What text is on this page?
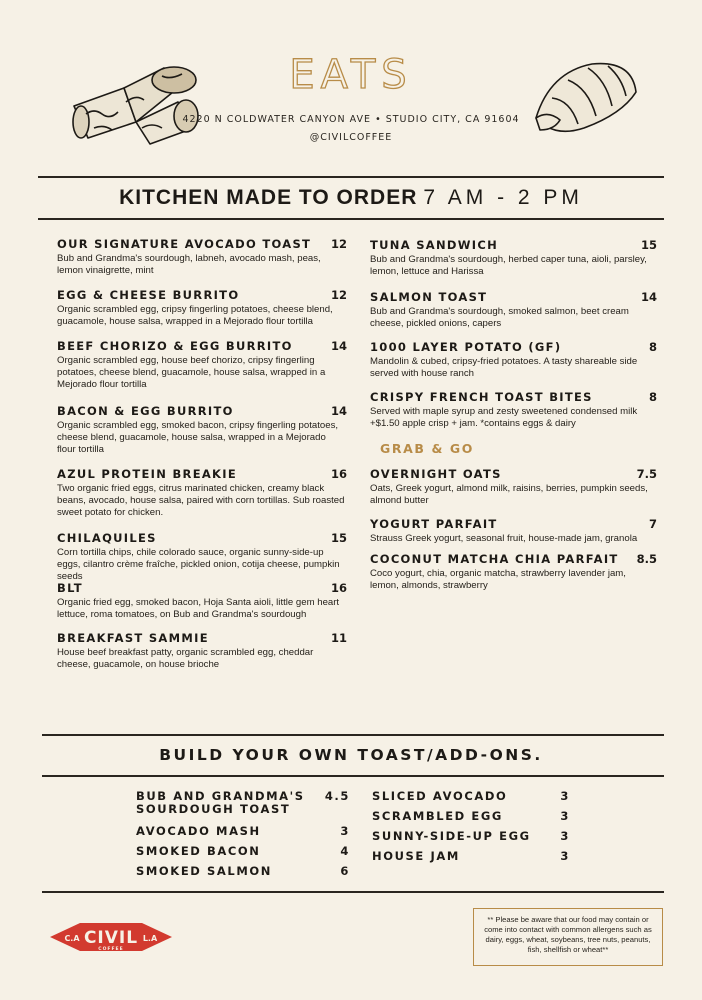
EATS
4220 N COLDWATER CANYON AVE • STUDIO CITY, CA 91604
@CIVILCOFFEE
KITCHEN MADE TO ORDER 7 AM - 2 PM
OUR SIGNATURE AVOCADO TOAST 12
Bub and Grandma's sourdough, labneh, avocado mash, peas, lemon vinaigrette, mint
EGG & CHEESE BURRITO	12
Organic scrambled egg, cripsy fingerling potatoes, cheese blend, guacamole, house salsa, wrapped in a Mejorado flour tortilla
BEEF CHORIZO & EGG BURRITO	14
Organic scrambled egg, house beef chorizo, cripsy fingerling potatoes, cheese blend, guacamole, house salsa, wrapped in a Mejorado flour tortilla
BACON & EGG BURRITO	14
Organic scrambled egg, smoked bacon, cripsy fingerling potatoes, cheese blend, guacamole, house salsa, wrapped in a Mejorado flour tortilla
AZUL PROTEIN BREAKIE	16
Two organic fried eggs, citrus marinated chicken, creamy black beans, avocado, house salsa, paired with corn tortillas. Sub roasted sweet potato for chicken.
CHILAQUILES	15
Corn tortilla chips, chile colorado sauce, organic sunny-side-up eggs, cilantro crème fraîche, pickled onion, cotija cheese, pumpkin seeds
BLT	16
Organic fried egg, smoked bacon, Hoja Santa aioli, little gem heart lettuce, roma tomatoes, on Bub and Grandma's sourdough
BREAKFAST SAMMIE	11
House beef breakfast patty, organic scrambled egg, cheddar cheese, guacamole, on house brioche
TUNA SANDWICH	15
Bub and Grandma's sourdough, herbed caper tuna, aioli, parsley, lemon, lettuce and Harissa
SALMON TOAST	14
Bub and Grandma's sourdough, smoked salmon, beet cream cheese, pickled onions, capers
1000 LAYER POTATO (GF)	8
Mandolin & cubed, cripsy-fried potatoes. A tasty shareable side served with house ranch
CRISPY FRENCH TOAST BITES	8
Served with maple syrup and zesty sweetened condensed milk +$1.50 apple crisp + jam. *contains eggs & dairy
GRAB & GO
OVERNIGHT OATS	7.5
Oats, Greek yogurt, almond milk, raisins, berries, pumpkin seeds, almond butter
YOGURT PARFAIT	7
Strauss Greek yogurt, seasonal fruit, house-made jam, granola
COCONUT MATCHA CHIA PARFAIT 8.5
Coco yogurt, chia, organic matcha, strawberry lavender jam, lemon, almonds, strawberry
BUILD YOUR OWN TOAST/ADD-ONS.
BUB AND GRANDMA'S
SOURDOUGH TOAST
4.5
AVOCADO MASH	3
SMOKED BACON	4
SMOKED SALMON	6
SLICED AVOCADO	3
SCRAMBLED EGG	3
SUNNY-SIDE-UP EGG	3
HOUSE JAM	3
CIVIL
C.A	L.A
COFFEE
** Please be aware that our food may contain or come into contact with common allergens such as dairy, eggs, wheat, soybeans, tree nuts, peanuts, fish, shellfish or wheat**
